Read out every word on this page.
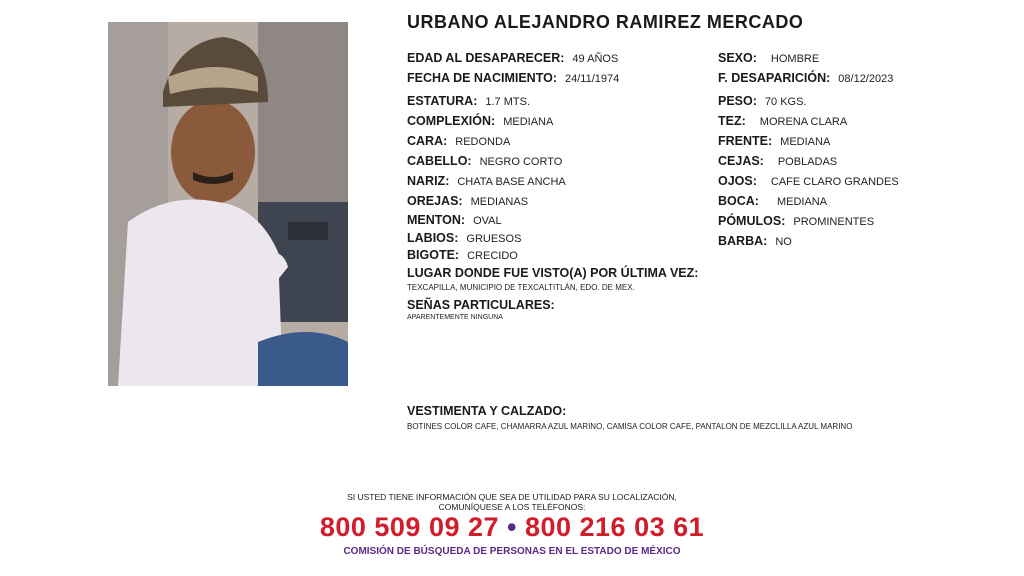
URBANO ALEJANDRO RAMIREZ MERCADO
EDAD AL DESAPARECER: 49 AÑOS
FECHA DE NACIMIENTO: 24/11/1974
ESTATURA: 1.7 MTS.
COMPLEXIÓN: MEDIANA
CARA: REDONDA
CABELLO: NEGRO CORTO
NARIZ: CHATA BASE ANCHA
OREJAS: MEDIANAS
MENTON: OVAL
LABIOS: GRUESOS
BIGOTE: CRECIDO
SEXO: HOMBRE
F. DESAPARICIÓN: 08/12/2023
PESO: 70 KGS.
TEZ: MORENA CLARA
FRENTE: MEDIANA
CEJAS: POBLADAS
OJOS: CAFE CLARO GRANDES
BOCA: MEDIANA
PÓMULOS: PROMINENTES
BARBA: NO
LUGAR DONDE FUE VISTO(A) POR ÚLTIMA VEZ:
TEXCAPILLA, MUNICIPIO DE TEXCALTITLÁN, EDO. DE MEX.
SEÑAS PARTICULARES:
APARENTEMENTE NINGUNA
VESTIMENTA Y CALZADO:
BOTINES COLOR CAFE, CHAMARRA AZUL MARINO, CAMISA COLOR CAFE, PANTALON DE MEZCLILLA AZUL MARINO
SI USTED TIENE INFORMACIÓN QUE SEA DE UTILIDAD PARA SU LOCALIZACIÓN,
COMUNÍQUESE A LOS TELÉFONOS:
800 509 09 27 • 800 216 03 61
COMISIÓN DE BÚSQUEDA DE PERSONAS EN EL ESTADO DE MÉXICO
